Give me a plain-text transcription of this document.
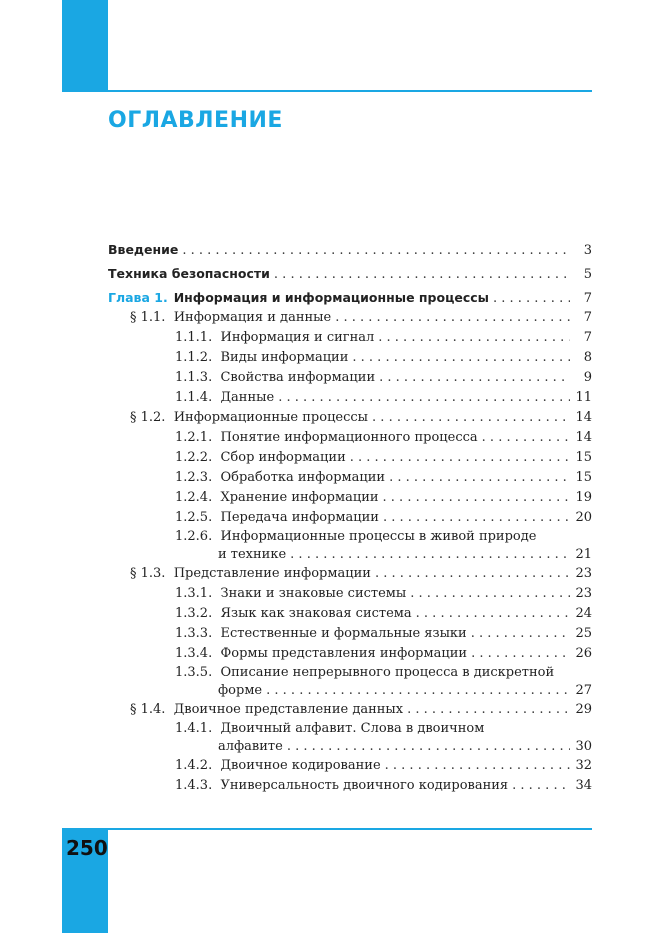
ОГЛАВЛЕНИЕ
Введение . . .	3
Техника безопасности . . .	5
Глава 1. Информация и информационные процессы . . .	7
§ 1.1. Информация и данные . . .	7
1.1.1. Информация и сигнал . . .	7
1.1.2. Виды информации . . .	8
1.1.3. Свойства информации . . .	9
1.1.4. Данные . . .	11
§ 1.2. Информационные процессы . . .	14
1.2.1. Понятие информационного процесса . . .	14
1.2.2. Сбор информации . . .	15
1.2.3. Обработка информации . . .	15
1.2.4. Хранение информации . . .	19
1.2.5. Передача информации . . .	20
1.2.6. Информационные процессы в живой природе
и технике . . .	21
§ 1.3. Представление информации . . .	23
1.3.1. Знаки и знаковые системы . . .	23
1.3.2. Язык как знаковая система . . .	24
1.3.3. Естественные и формальные языки . . .	25
1.3.4. Формы представления информации . . .	26
1.3.5. Описание непрерывного процесса в дискретной
форме . . .	27
§ 1.4. Двоичное представление данных . . .	29
1.4.1. Двоичный алфавит. Слова в двоичном
алфавите . . .	30
1.4.2. Двоичное кодирование . . .	32
1.4.3. Универсальность двоичного кодирования . . .	34
250
